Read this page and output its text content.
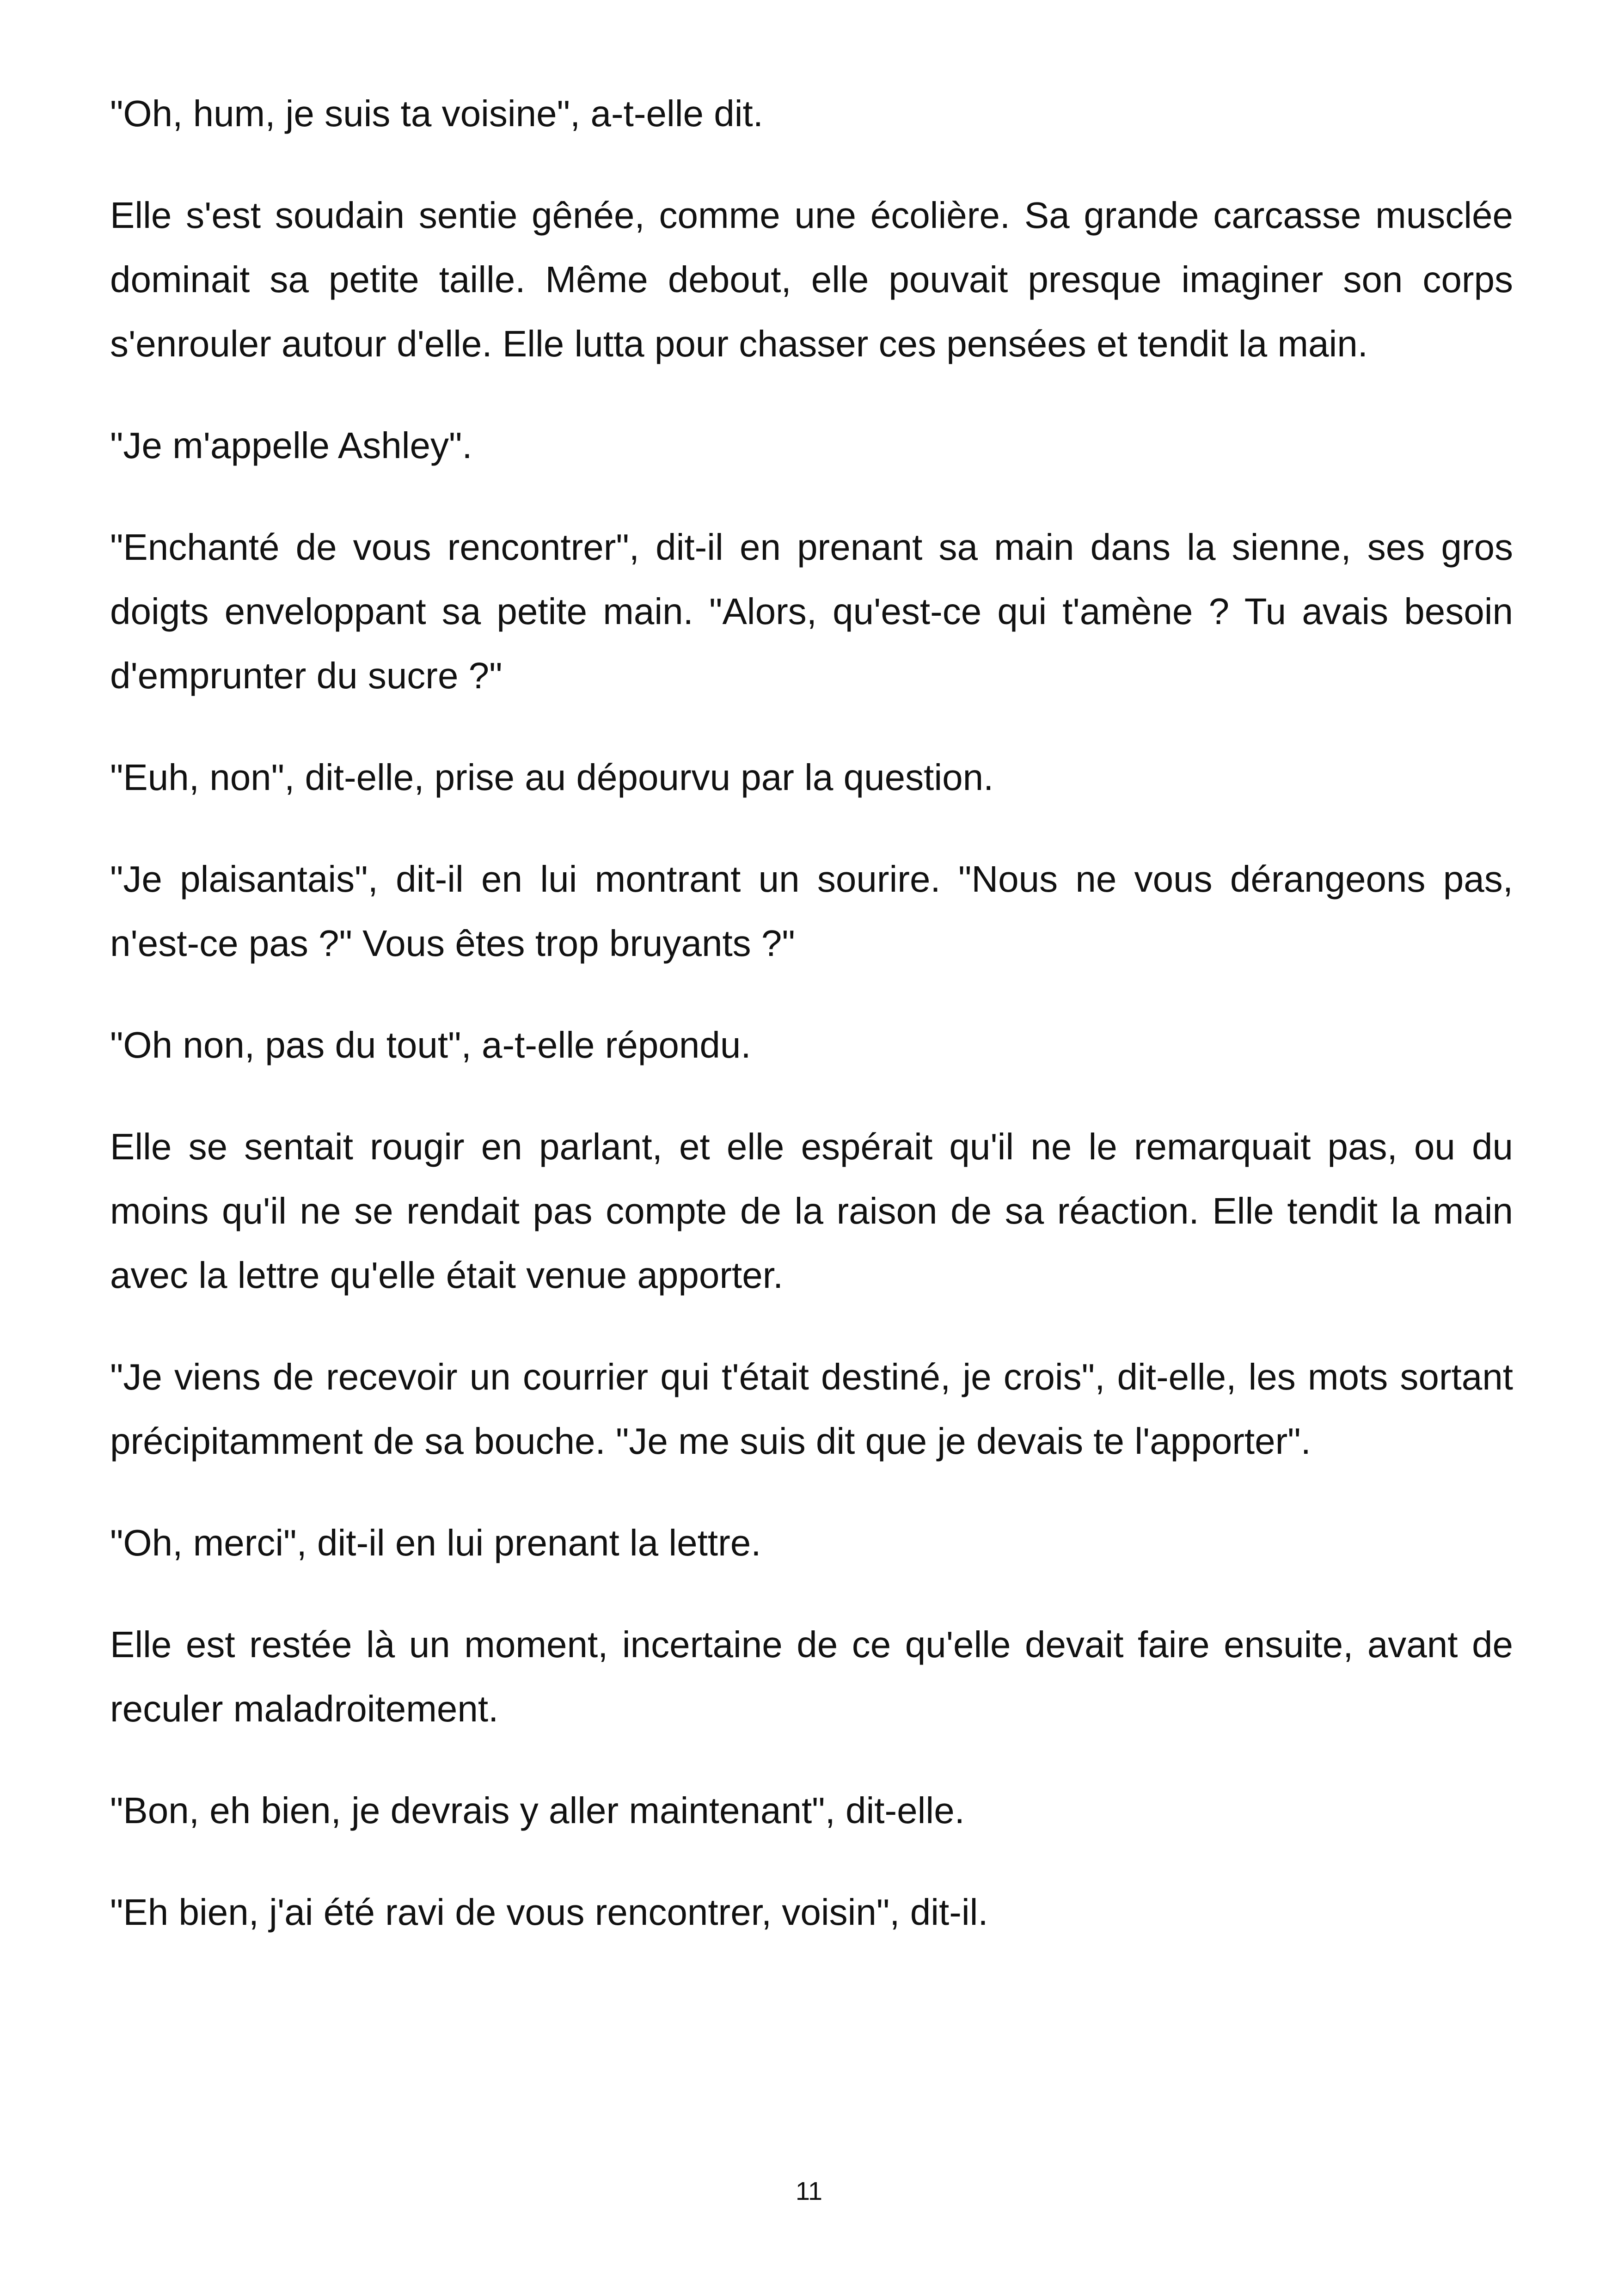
"Oh, hum, je suis ta voisine", a-t-elle dit.

Elle s'est soudain sentie gênée, comme une écolière. Sa grande carcasse musclée dominait sa petite taille. Même debout, elle pouvait presque imaginer son corps s'enrouler autour d'elle. Elle lutta pour chasser ces pensées et tendit la main.

"Je m'appelle Ashley".

"Enchanté de vous rencontrer", dit-il en prenant sa main dans la sienne, ses gros doigts enveloppant sa petite main. "Alors, qu'est-ce qui t'amène ? Tu avais besoin d'emprunter du sucre ?"

"Euh, non", dit-elle, prise au dépourvu par la question.

"Je plaisantais", dit-il en lui montrant un sourire. "Nous ne vous dérangeons pas, n'est-ce pas ?" Vous êtes trop bruyants ?"

"Oh non, pas du tout", a-t-elle répondu.

Elle se sentait rougir en parlant, et elle espérait qu'il ne le remarquait pas, ou du moins qu'il ne se rendait pas compte de la raison de sa réaction. Elle tendit la main avec la lettre qu'elle était venue apporter.

"Je viens de recevoir un courrier qui t'était destiné, je crois", dit-elle, les mots sortant précipitamment de sa bouche. "Je me suis dit que je devais te l'apporter".

"Oh, merci", dit-il en lui prenant la lettre.

Elle est restée là un moment, incertaine de ce qu'elle devait faire ensuite, avant de reculer maladroitement.

"Bon, eh bien, je devrais y aller maintenant", dit-elle.

"Eh bien, j'ai été ravi de vous rencontrer, voisin", dit-il.

11
